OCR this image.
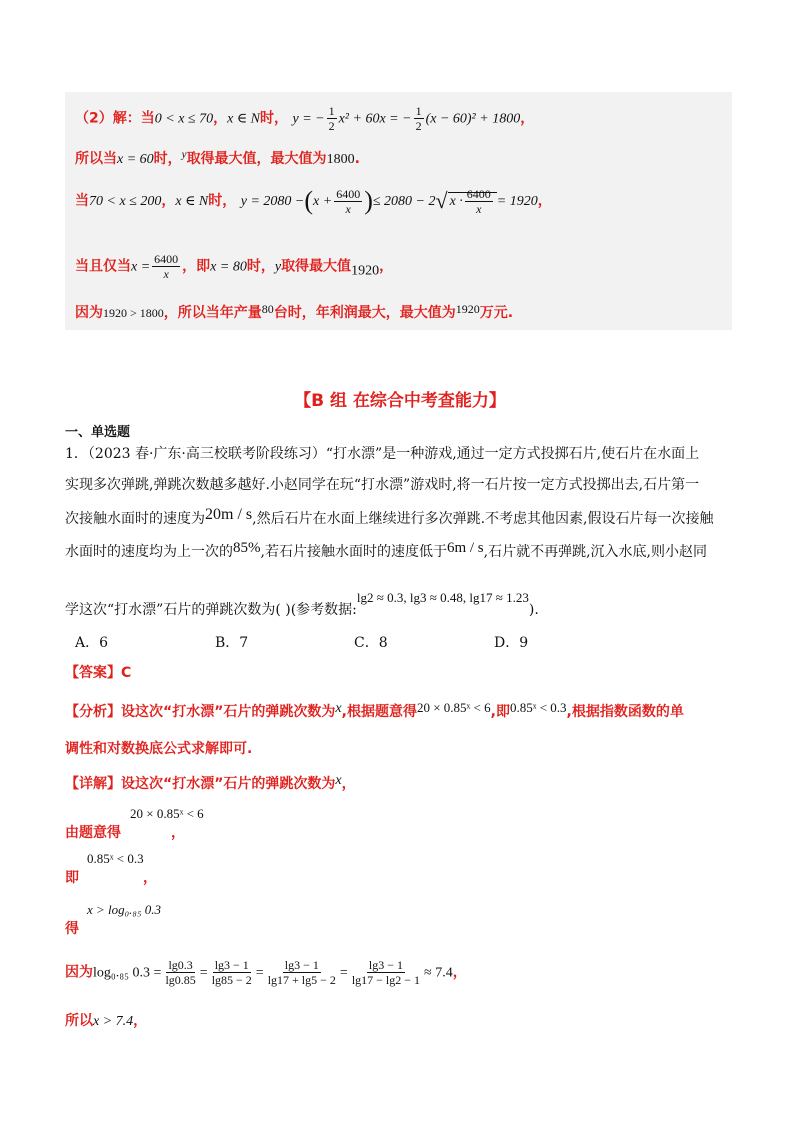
（2）解：当0 < x ≤ 70，x ∈ N时， y = − $\frac{1}{2} x^2 + 60x$ = − $\frac{1}{2} (x - 60)^2 + 1800$，
所以当x = 60时，$^y$取得最大值，最大值为1800.
当70 < x ≤ 200，x ∈ N时， $y = 2080 -(x + \frac{6400}{x}$ )≤ 2080 − 2√ $x \cdot \frac{6400}{x} = 1920$，
当且仅当$x = \frac{6400}{x}$ ，即x = 80时，y取得最大值1920，
因为1920 > 1800，所以当年产量80台时，年利润最大，最大值为1920万元.
【B 组 在综合中考查能力】
一、单选题
1．（2023 春·广东·高三校联考阶段练习）“打水漂”是一种游戏,通过一定方式投掷石片,使石片在水面上
实现多次弹跳,弹跳次数越多越好.小赵同学在玩“打水漂”游戏时,将一石片按一定方式投掷出去,石片第一
次接触水面时的速度为20m / s,然后石片在水面上继续进行多次弹跳.不考虑其他因素,假设石片每一次接触
水面时的速度均为上一次的85%,若石片接触水面时的速度低于6m / s,石片就不再弹跳,沉入水底,则小赵同
学这次“打水漂”石片的弹跳次数为( )(参考数据:lg2 ≈ 0.3, lg3 ≈ 0.48, lg17 ≈ 1.23).
A．6	B．7	C．8	D．9
【答案】C
【分析】设这次“打水漂”石片的弹跳次数为x,根据题意得20 × 0.85ˣ < 6,即0.85ˣ < 0.3,根据指数函数的单
调性和对数换底公式求解即可.
【详解】设这次“打水漂”石片的弹跳次数为x，
20 × 0.85ˣ < 6
由题意得	，
0.85ˣ < 0.3
即	，
x > log₀.₈₅ 0.3
得
因为log₀.₈₅ $0.3 = \frac{\lg 0.3}{\lg 0.85} = \frac{\lg 3 - 1}{\lg 85 - 2} = \frac{\lg 3 - 1}{\lg 17 + \lg 5 - 2} = \frac{\lg 3 - 1}{\lg 17 - \lg 2 - 1} \approx 7.4$，
所以x > 7.4，
